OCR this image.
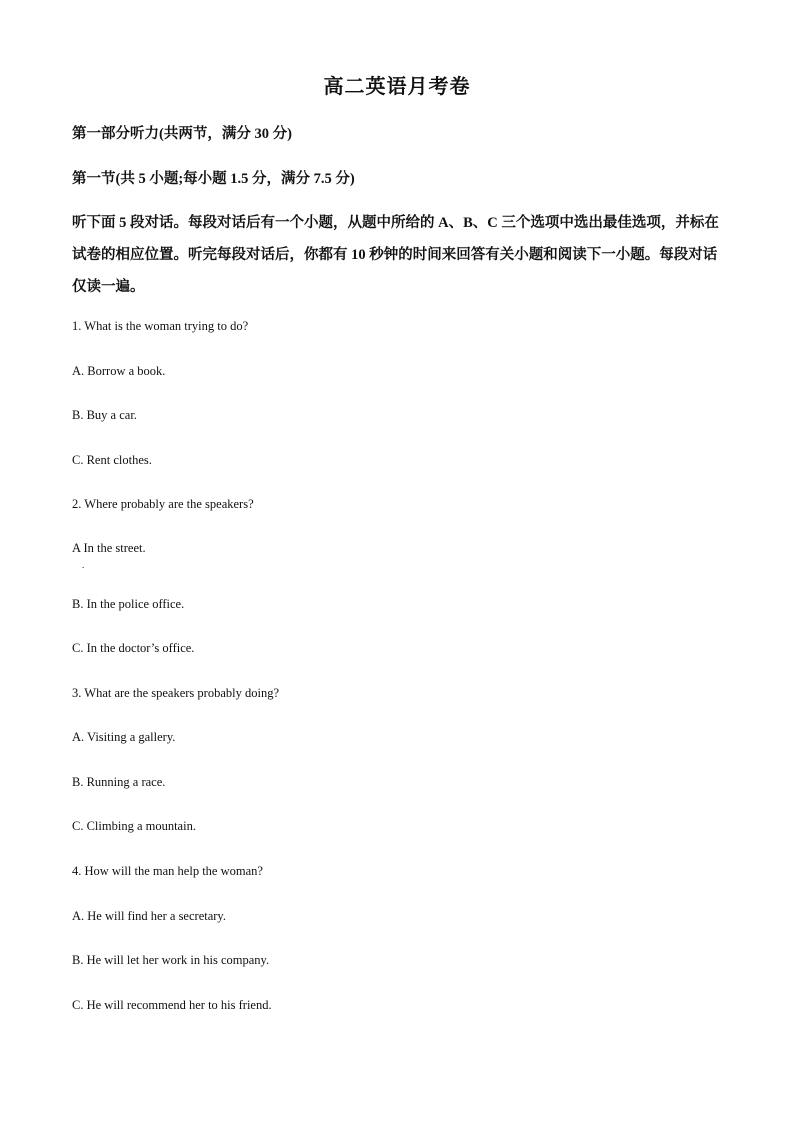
高二英语月考卷
第一部分听力(共两节，满分 30 分)
第一节(共 5 小题;每小题 1.5 分，满分 7.5 分)
听下面 5 段对话。每段对话后有一个小题，从题中所给的 A、B、C 三个选项中选出最佳选项，并标在试卷的相应位置。听完每段对话后，你都有 10 秒钟的时间来回答有关小题和阅读下一小题。每段对话仅读一遍。
1. What is the woman trying to do?
A. Borrow a book.
B. Buy a car.
C. Rent clothes.
2. Where probably are the speakers?
A In the street.
.
B. In the police office.
C. In the doctor’s office.
3. What are the speakers probably doing?
A. Visiting a gallery.
B. Running a race.
C. Climbing a mountain.
4. How will the man help the woman?
A. He will find her a secretary.
B. He will let her work in his company.
C. He will recommend her to his friend.
